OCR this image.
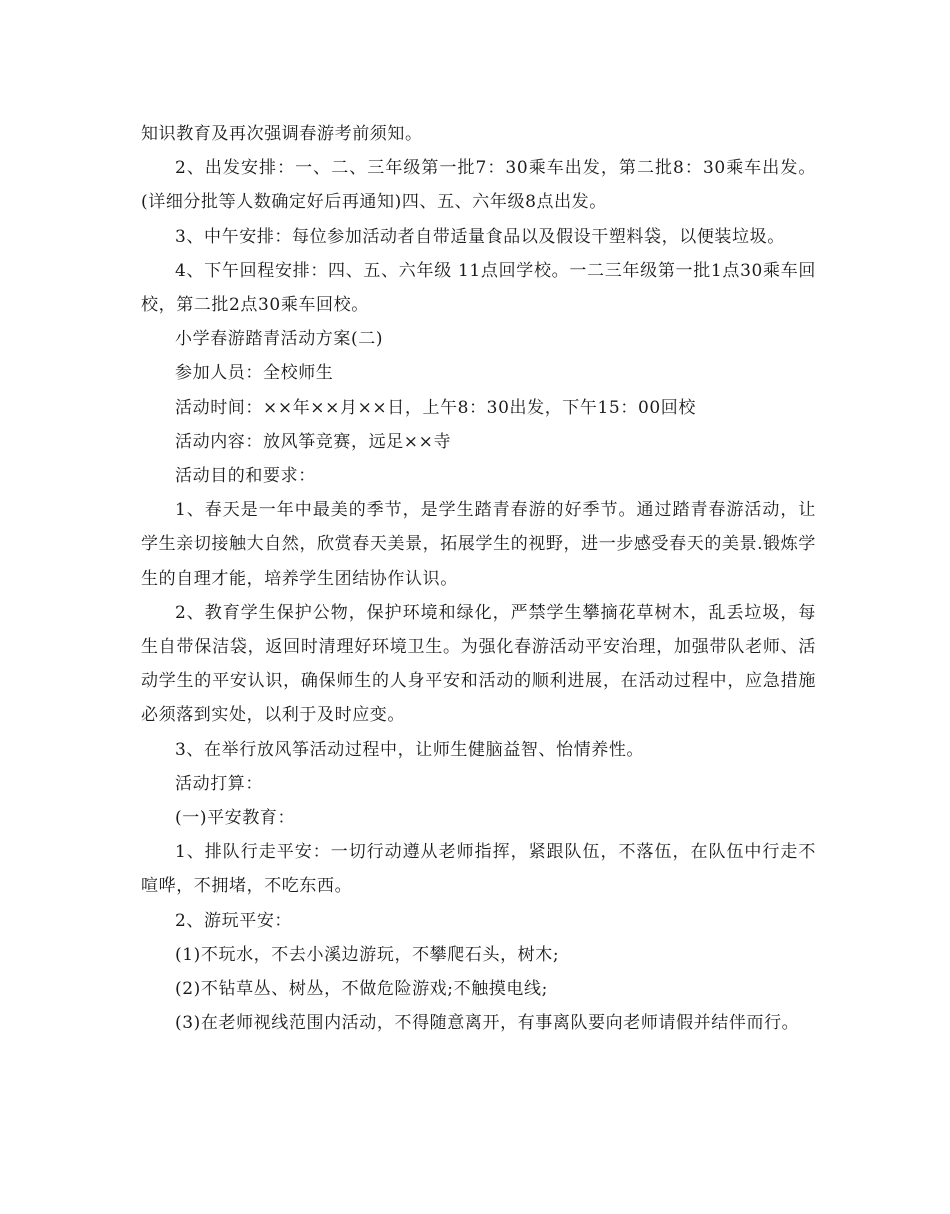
知识教育及再次强调春游考前须知。

2、出发安排：一、二、三年级第一批7：30乘车出发，第二批8：30乘车出发。(详细分批等人数确定好后再通知)四、五、六年级8点出发。

3、中午安排：每位参加活动者自带适量食品以及假设干塑料袋，以便装垃圾。

4、下午回程安排：四、五、六年级 11点回学校。一二三年级第一批1点30乘车回校，第二批2点30乘车回校。

小学春游踏青活动方案(二)

参加人员：全校师生

活动时间：××年××月××日，上午8：30出发，下午15：00回校

活动内容：放风筝竞赛，远足××寺

活动目的和要求：

1、春天是一年中最美的季节，是学生踏青春游的好季节。通过踏青春游活动，让学生亲切接触大自然，欣赏春天美景，拓展学生的视野，进一步感受春天的美景.锻炼学生的自理才能，培养学生团结协作认识。

2、教育学生保护公物，保护环境和绿化，严禁学生攀摘花草树木，乱丢垃圾，每生自带保洁袋，返回时清理好环境卫生。为强化春游活动平安治理，加强带队老师、活动学生的平安认识，确保师生的人身平安和活动的顺利进展，在活动过程中，应急措施必须落到实处，以利于及时应变。

3、在举行放风筝活动过程中，让师生健脑益智、怡情养性。

活动打算：

(一)平安教育：

1、排队行走平安：一切行动遵从老师指挥，紧跟队伍，不落伍，在队伍中行走不喧哗，不拥堵，不吃东西。

2、游玩平安：

(1)不玩水，不去小溪边游玩，不攀爬石头，树木;

(2)不钻草丛、树丛，不做危险游戏;不触摸电线;

(3)在老师视线范围内活动，不得随意离开，有事离队要向老师请假并结伴而行。
